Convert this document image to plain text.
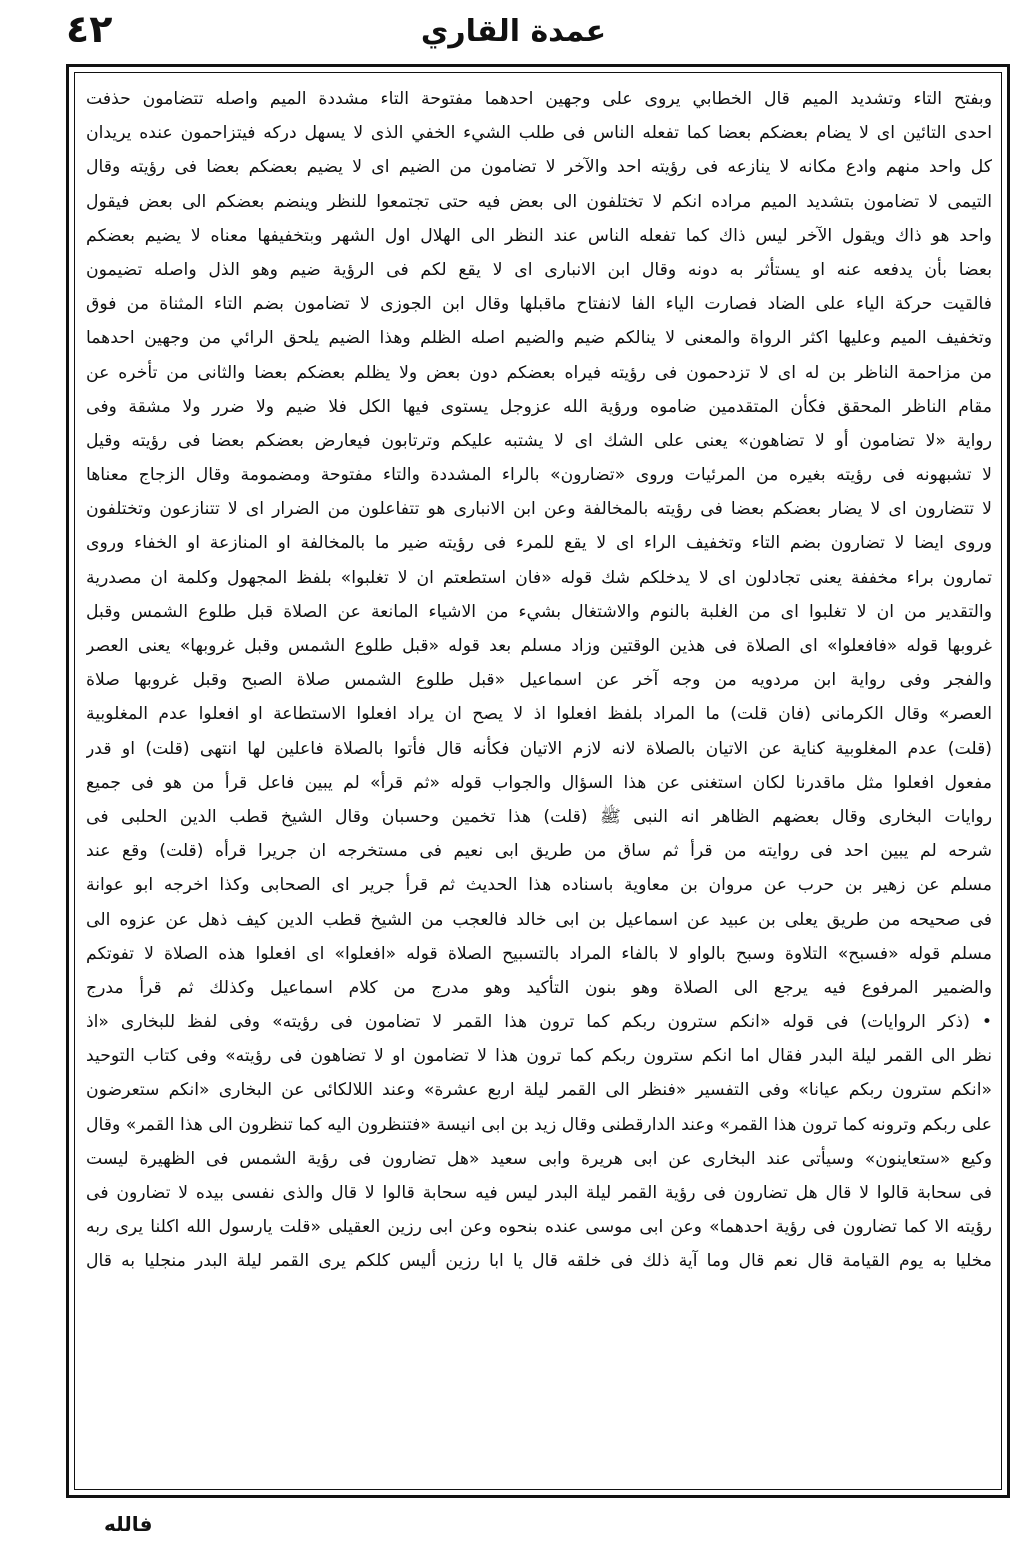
٤٢	عمدة القاري
وبفتح التاء وتشديد الميم قال الخطابي يروى على وجهين احدهما مفتوحة التاء مشددة الميم واصله تتضامون حذفت
احدى التائين اى لا يضام بعضكم بعضا كما تفعله الناس فى طلب الشيء الخفي الذى لا يسهل دركه فيتزاحمون عنده يريدان
كل واحد منهم وادع مكانه لا ينازعه فى رؤيته احد والآخر لا تضامون من الضيم اى لا يضيم بعضكم بعضا فى رؤيته وقال
التيمى لا تضامون بتشديد الميم مراده انكم لا تختلفون الى بعض فيه حتى تجتمعوا للنظر وينضم بعضكم الى بعض فيقول
واحد هو ذاك ويقول الآخر ليس ذاك كما تفعله الناس عند النظر الى الهلال اول الشهر وبتخفيفها معناه لا يضيم بعضكم
بعضا بأن يدفعه عنه او يستأثر به دونه وقال ابن الانبارى اى لا يقع لكم فى الرؤية ضيم وهو الذل واصله تضيمون
فالقيت حركة الياء على الضاد فصارت الياء الفا لانفتاح ماقبلها وقال ابن الجوزى لا تضامون بضم التاء المثناة من فوق
وتخفيف الميم وعليها اكثر الرواة والمعنى لا ينالكم ضيم والضيم اصله الظلم وهذا الضيم يلحق الرائي من وجهين احدهما
من مزاحمة الناظر بن له اى لا تزدحمون فى رؤيته فيراه بعضكم دون بعض ولا يظلم بعضكم بعضا والثانى من تأخره عن
مقام الناظر المحقق فكأن المتقدمين ضاموه ورؤية الله عزوجل يستوى فيها الكل فلا ضيم ولا ضرر ولا مشقة وفى
رواية «لا تضامون أو لا تضاهون» يعنى على الشك اى لا يشتبه عليكم وترتابون فيعارض بعضكم بعضا فى رؤيته وقيل
لا تشبهونه فى رؤيته بغيره من المرئيات وروى «تضارون» بالراء المشددة والتاء مفتوحة ومضمومة وقال الزجاج معناها
لا تتضارون اى لا يضار بعضكم بعضا فى رؤيته بالمخالفة وعن ابن الانبارى هو تتفاعلون من الضرار اى لا تتنازعون وتختلفون
وروى ايضا لا تضارون بضم التاء وتخفيف الراء اى لا يقع للمرء فى رؤيته ضير ما بالمخالفة او المنازعة او الخفاء وروى
تمارون براء مخففة يعنى تجادلون اى لا يدخلكم شك قوله «فان استطعتم ان لا تغلبوا» بلفظ المجهول وكلمة ان مصدرية
والتقدير من ان لا تغلبوا اى من الغلبة بالنوم والاشتغال بشيء من الاشياء المانعة عن الصلاة قبل طلوع الشمس وقبل
غروبها قوله «فافعلوا» اى الصلاة فى هذين الوقتين وزاد مسلم بعد قوله «قبل طلوع الشمس وقبل غروبها» يعنى العصر
والفجر وفى رواية ابن مردويه من وجه آخر عن اسماعيل «قبل طلوع الشمس صلاة الصبح وقبل غروبها صلاة
العصر» وقال الكرمانى (فان قلت) ما المراد بلفظ افعلوا اذ لا يصح ان يراد افعلوا الاستطاعة او افعلوا عدم المغلوبية
(قلت) عدم المغلوبية كناية عن الاتيان بالصلاة لانه لازم الاتيان فكأنه قال فأتوا بالصلاة فاعلين لها انتهى (قلت) او قدر
مفعول افعلوا مثل ماقدرنا لكان استغنى عن هذا السؤال والجواب قوله «ثم قرأ» لم يبين فاعل قرأ من هو فى جميع
روايات البخارى وقال بعضهم الظاهر انه النبى ﷺ (قلت) هذا تخمين وحسبان وقال الشيخ قطب الدين الحلبى فى
شرحه لم يبين احد فى روايته من قرأ ثم ساق من طريق ابى نعيم فى مستخرجه ان جريرا قرأه (قلت) وقع عند
مسلم عن زهير بن حرب عن مروان بن معاوية باسناده هذا الحديث ثم قرأ جرير اى الصحابى وكذا اخرجه ابو عوانة
فى صحيحه من طريق يعلى بن عبيد عن اسماعيل بن ابى خالد فالعجب من الشيخ قطب الدين كيف ذهل عن عزوه الى
مسلم قوله «فسبح» التلاوة وسبح بالواو لا بالفاء المراد بالتسبيح الصلاة قوله «افعلوا» اى افعلوا هذه الصلاة لا تفوتكم
والضمير المرفوع فيه يرجع الى الصلاة وهو بنون التأكيد وهو مدرج من كلام اسماعيل وكذلك ثم قرأ مدرج
• (ذكر الروايات) فى قوله «انكم سترون ربكم كما ترون هذا القمر لا تضامون فى رؤيته» وفى لفظ للبخارى «اذ
نظر الى القمر ليلة البدر فقال اما انكم سترون ربكم كما ترون هذا لا تضامون او لا تضاهون فى رؤيته» وفى كتاب التوحيد
«انكم سترون ربكم عيانا» وفى التفسير «فنظر الى القمر ليلة اربع عشرة» وعند اللالكائى عن البخارى «انكم ستعرضون
على ربكم وترونه كما ترون هذا القمر» وعند الدارقطنى وقال زيد بن ابى انيسة «فتنظرون اليه كما تنظرون الى هذا القمر» وقال
وكيع «ستعاينون» وسيأتى عند البخارى عن ابى هريرة وابى سعيد «هل تضارون فى رؤية الشمس فى الظهيرة ليست
فى سحابة قالوا لا قال هل تضارون فى رؤية القمر ليلة البدر ليس فيه سحابة قالوا لا قال والذى نفسى بيده لا تضارون فى
رؤيته الا كما تضارون فى رؤية احدهما» وعن ابى موسى عنده بنحوه وعن ابى رزين العقيلى «قلت يارسول الله اكلنا يرى ربه
مخليا به يوم القيامة قال نعم قال وما آية ذلك فى خلقه قال يا ابا رزين أليس كلكم يرى القمر ليلة البدر منجليا به قال
فالله
